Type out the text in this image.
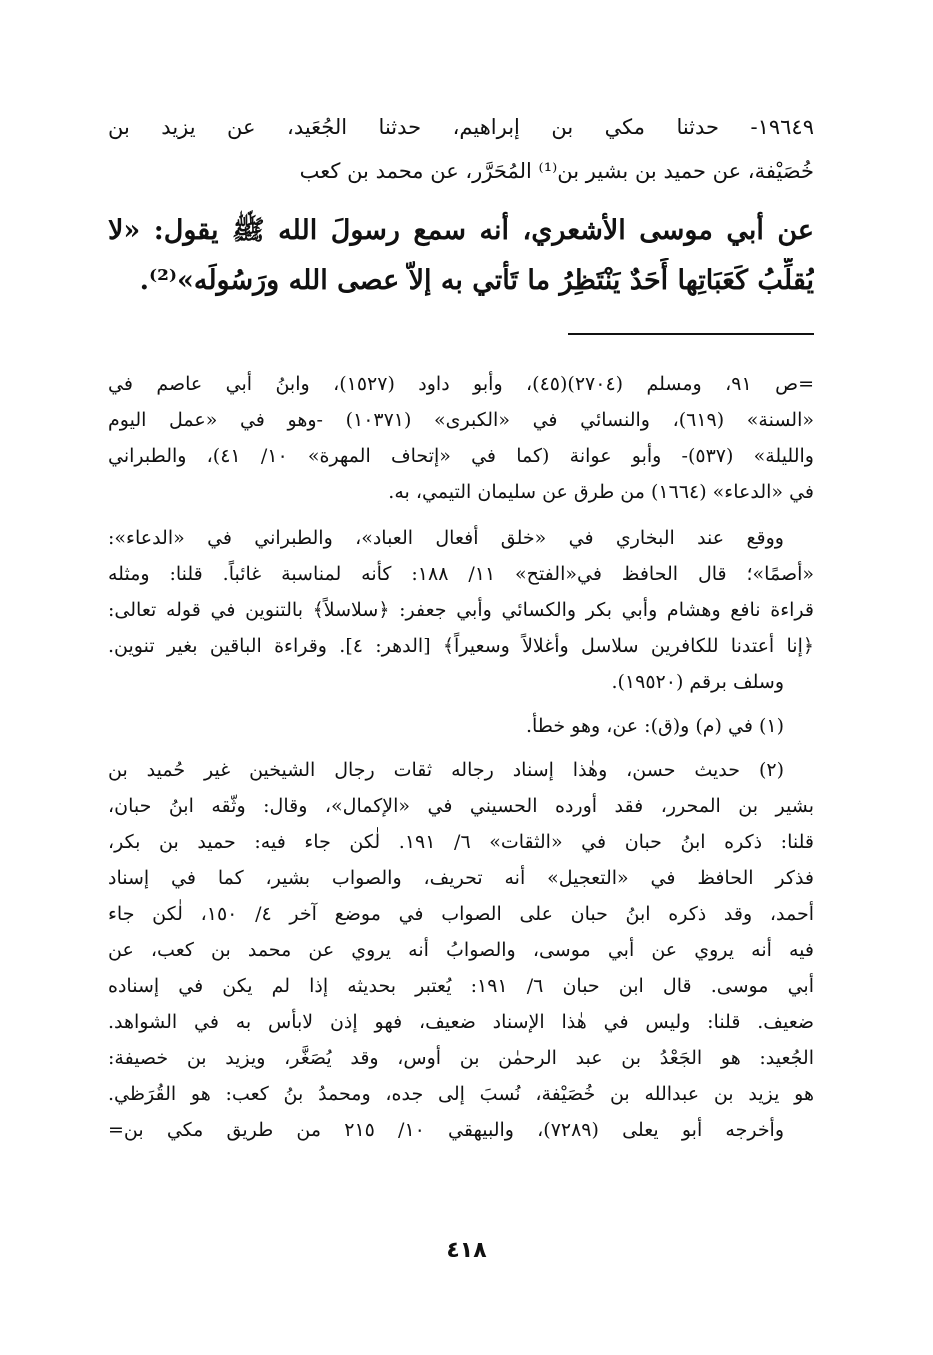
١٩٦٤٩- حدثنا مكي بن إبراهيم، حدثنا الجُعَيد، عن يزيد بن
خُصَيْفة، عن حميد بن بشير بن⁽¹⁾ المُحَرَّر، عن محمد بن كعب
عن أبي موسى الأشعري، أنه سمع رسولَ الله ﷺ يقول: «لا
يُقلِّبُ كَعَبَاتِها أَحَدٌ يَنْتَظِرُ ما تَأتي به إلاّ عصى الله ورَسُولَه»⁽²⁾.
=ص ٩١، ومسلم (٢٧٠٤)(٤٥)، وأبو داود (١٥٢٧)، وابنُ أبي عاصم في
«السنة» (٦١٩)، والنسائي في «الكبرى» (١٠٣٧١) -وهو في «عمل اليوم
والليلة» (٥٣٧)- وأبو عوانة (كما في «إتحاف المهرة» ١٠/ ٤١)، والطبراني
في «الدعاء» (١٦٦٤) من طرق عن سليمان التيمي، به.
ووقع عند البخاري في «خلق أفعال العباد»، والطبراني في «الدعاء»:
«أصمًا»؛ قال الحافظ في«الفتح» ١١/ ١٨٨: كأنه لمناسبة غائباً. قلنا: ومثله
قراءة نافع وهشام وأبي بكر والكسائي وأبي جعفر: ﴿سلاسلاً﴾ بالتنوين في قوله تعالى:
﴿إنا أعتدنا للكافرين سلاسل وأغلالاً وسعيراً﴾ [الدهر: ٤]. وقراءة الباقين بغير تنوين.
وسلف برقم (١٩٥٢٠).
(١) في (م) و(ق): عن، وهو خطأ.
(٢) حديث حسن، وهٰذا إسناد رجاله ثقات رجال الشيخين غير حُميد بن
بشير بن المحرر، فقد أورده الحسيني في «الإكمال»، وقال: وثّقه ابنُ حبان،
قلنا: ذكره ابنُ حبان في «الثقات» ٦/ ١٩١. لٰكن جاء فيه: حميد بن بكر،
فذكر الحافظ في «التعجيل» أنه تحريف، والصواب بشير، كما في إسناد
أحمد، وقد ذكره ابنُ حبان على الصواب في موضع آخر ٤/ ١٥٠، لٰكن جاء
فيه أنه يروي عن أبي موسى، والصوابُ أنه يروي عن محمد بن كعب، عن
أبي موسى. قال ابن حبان ٦/ ١٩١: يُعتبر بحديثه إذا لم يكن في إسناده
ضعيف. قلنا: وليس في هٰذا الإسناد ضعيف، فهو إذن لابأس به في الشواهد.
الجُعيد: هو الجَعْدُ بن عبد الرحمٰن بن أوس، وقد يُصَغَّر، ويزيد بن خصيفة:
هو يزيد بن عبدالله بن خُصَيْفة، نُسبَ إلى جده، ومحمدُ بنُ كعب: هو القُرَظي.
وأخرجه أبو يعلى (٧٢٨٩)، والبيهقي ١٠/ ٢١٥ من طريق مكي بن=
٤١٨
